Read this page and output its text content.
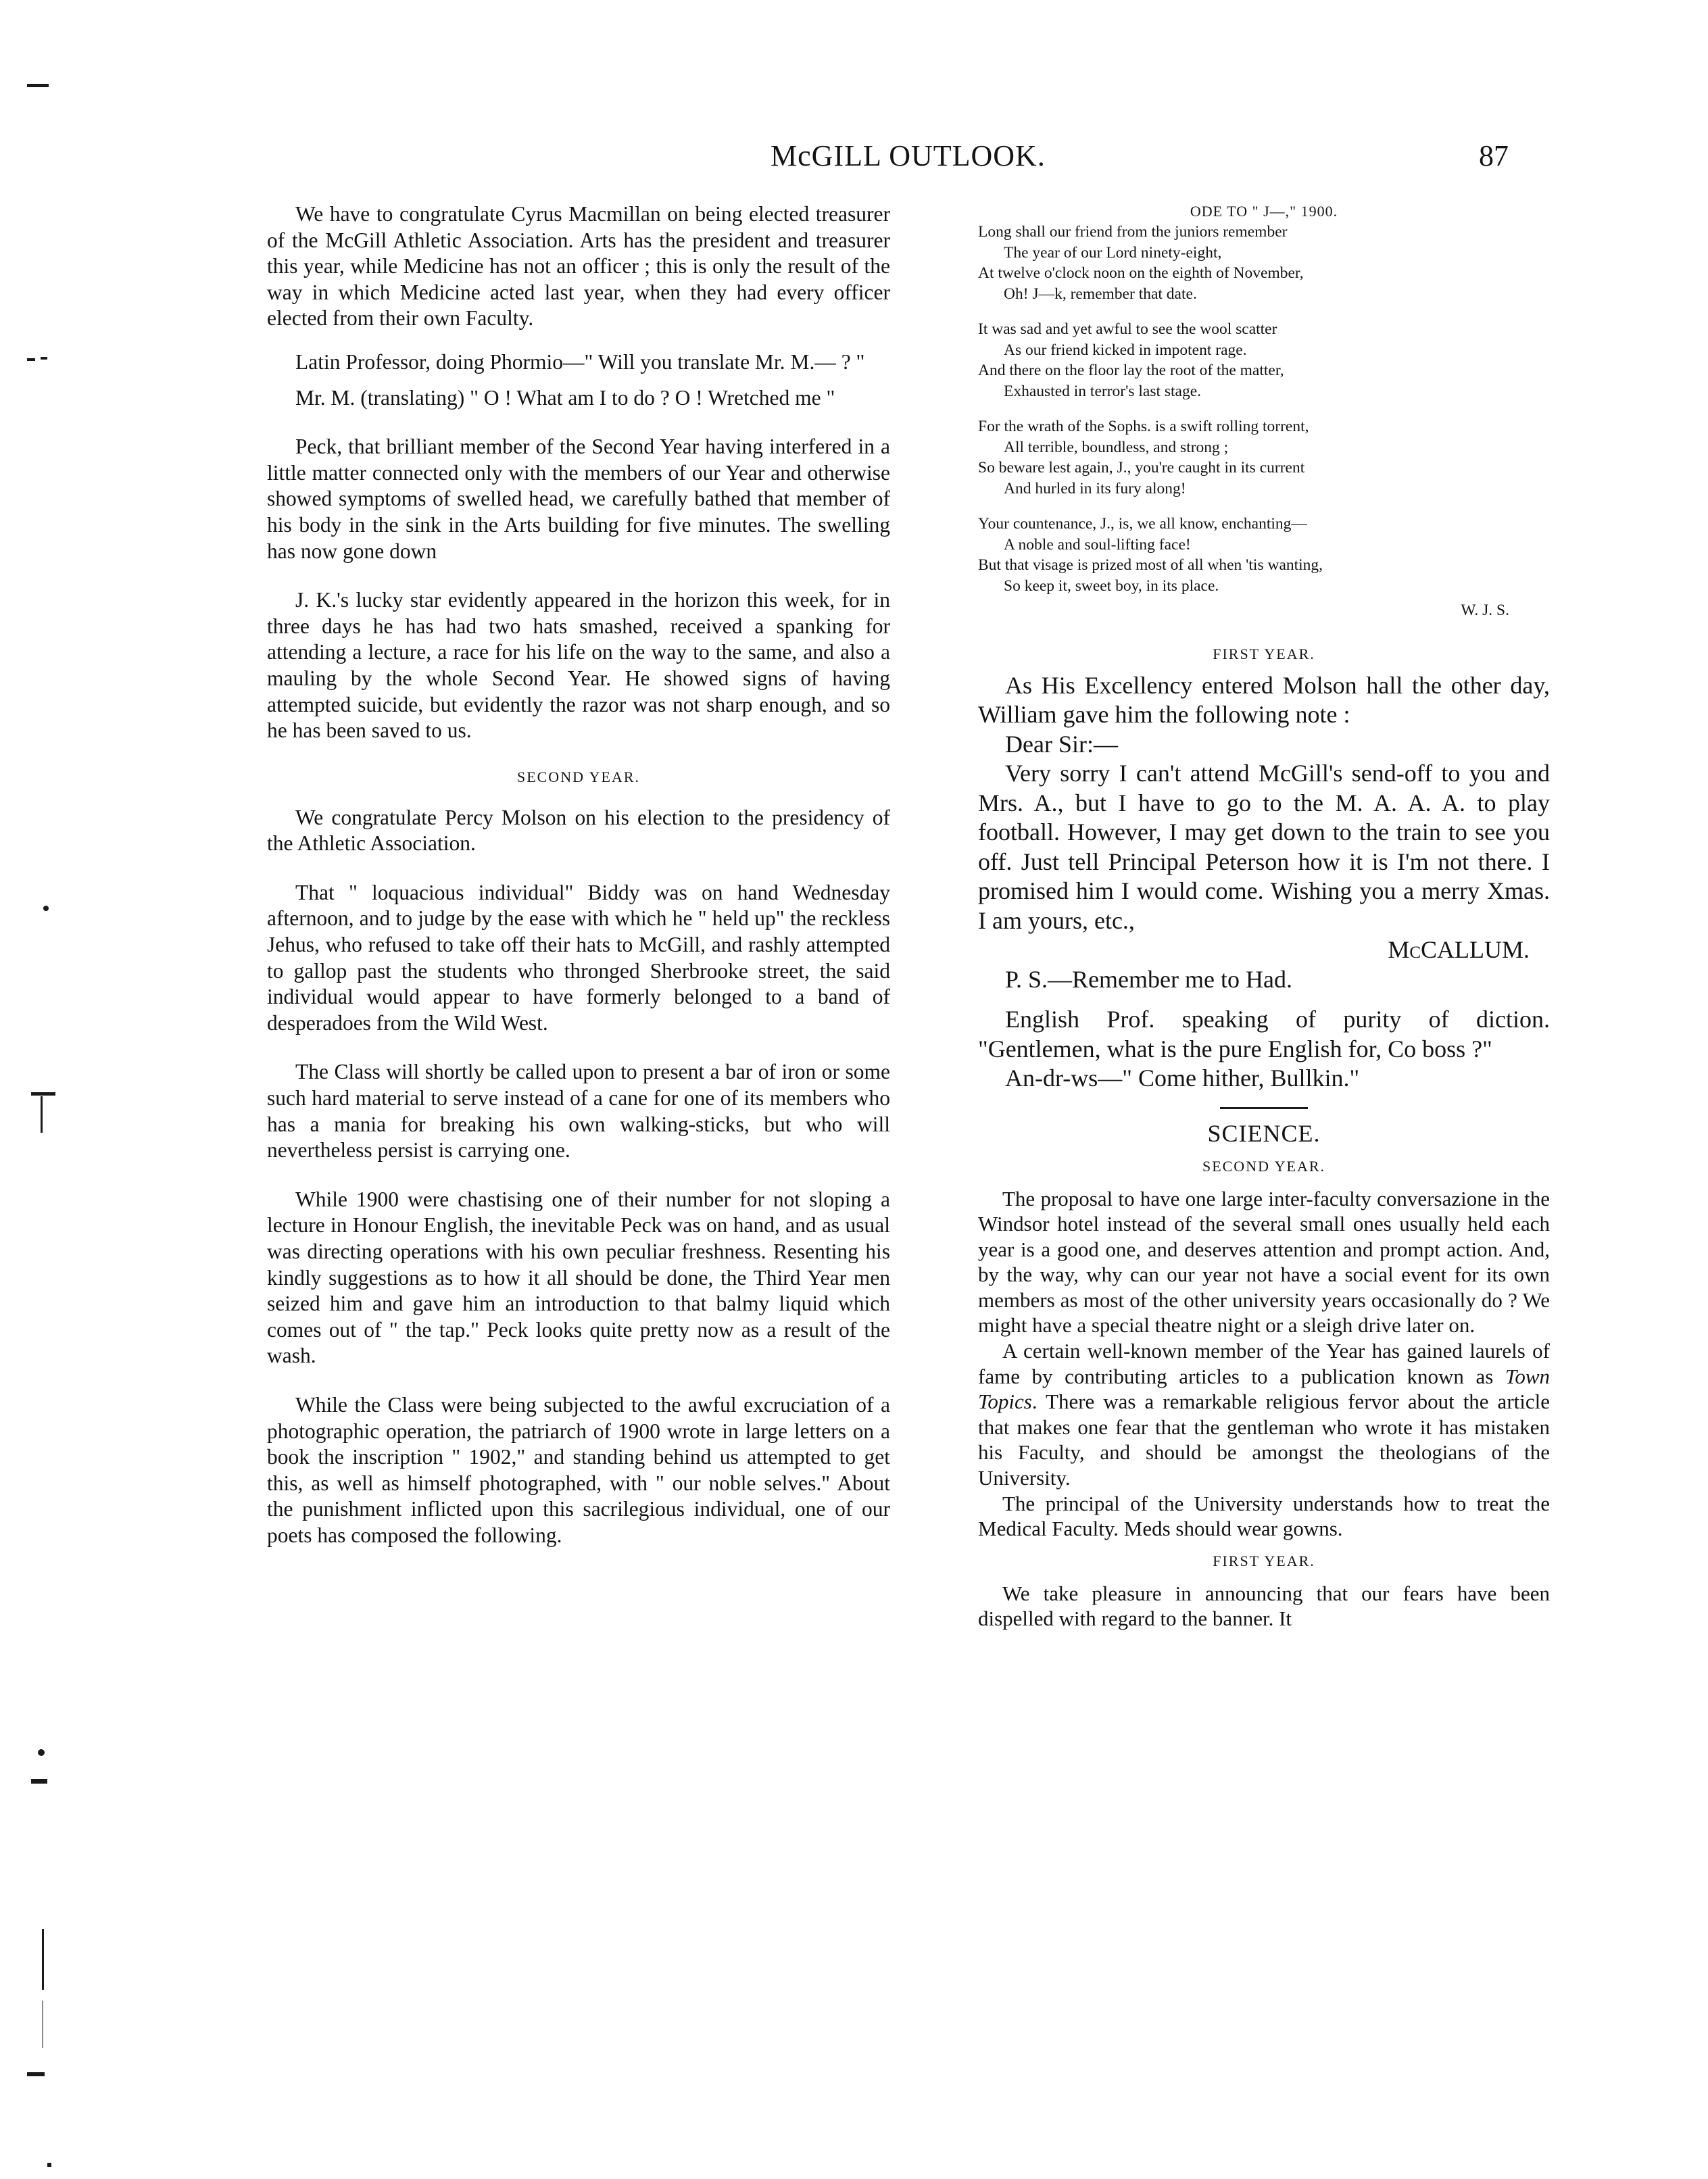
McGILL OUTLOOK.	87

We have to congratulate Cyrus Macmillan on being elected treasurer of the McGill Athletic Association. Arts has the president and treasurer this year, while Medicine has not an officer ; this is only the result of the way in which Medicine acted last year, when they had every officer elected from their own Faculty.

Latin Professor, doing Phormio—" Will you translate Mr. M.— ? "

Mr. M. (translating) " O ! What am I to do ? O ! Wretched me "

Peck, that brilliant member of the Second Year having interfered in a little matter connected only with the members of our Year and otherwise showed symptoms of swelled head, we carefully bathed that member of his body in the sink in the Arts building for five minutes. The swelling has now gone down

J. K.'s lucky star evidently appeared in the horizon this week, for in three days he has had two hats smashed, received a spanking for attending a lecture, a race for his life on the way to the same, and also a mauling by the whole Second Year. He showed signs of having attempted suicide, but evidently the razor was not sharp enough, and so he has been saved to us.

SECOND YEAR.

We congratulate Percy Molson on his election to the presidency of the Athletic Association.

That " loquacious individual" Biddy was on hand Wednesday afternoon, and to judge by the ease with which he " held up" the reckless Jehus, who refused to take off their hats to McGill, and rashly attempted to gallop past the students who thronged Sherbrooke street, the said individual would appear to have formerly belonged to a band of desperadoes from the Wild West.

The Class will shortly be called upon to present a bar of iron or some such hard material to serve instead of a cane for one of its members who has a mania for breaking his own walking-sticks, but who will nevertheless persist is carrying one.

While 1900 were chastising one of their number for not sloping a lecture in Honour English, the inevitable Peck was on hand, and as usual was directing operations with his own peculiar freshness. Resenting his kindly suggestions as to how it all should be done, the Third Year men seized him and gave him an introduction to that balmy liquid which comes out of " the tap." Peck looks quite pretty now as a result of the wash.

While the Class were being subjected to the awful excruciation of a photographic operation, the patriarch of 1900 wrote in large letters on a book the inscription " 1902," and standing behind us attempted to get this, as well as himself photographed, with " our noble selves." About the punishment inflicted upon this sacrilegious individual, one of our poets has composed the following.

ODE TO " J—," 1900.

Long shall our friend from the juniors remember
The year of our Lord ninety-eight,
At twelve o'clock noon on the eighth of November,
Oh! J—k, remember that date.
It was sad and yet awful to see the wool scatter
As our friend kicked in impotent rage.
And there on the floor lay the root of the matter,
Exhausted in terror's last stage.
For the wrath of the Sophs. is a swift rolling torrent,
All terrible, boundless, and strong ;
So beware lest again, J., you're caught in its current
And hurled in its fury along!
Your countenance, J., is, we all know, enchanting—
A noble and soul-lifting face!
But that visage is prized most of all when 'tis wanting,
So keep it, sweet boy, in its place.
W. J. S.

FIRST YEAR.

As His Excellency entered Molson hall the other day, William gave him the following note :

Dear Sir:—

Very sorry I can't attend McGill's send-off to you and Mrs. A., but I have to go to the M. A. A. A. to play football. However, I may get down to the train to see you off. Just tell Principal Peterson how it is I'm not there. I promised him I would come. Wishing you a merry Xmas. I am yours, etc.,

McCALLUM.

P. S.—Remember me to Had.

English Prof. speaking of purity of diction. "Gentlemen, what is the pure English for, Co boss ?"

An-dr-ws—" Come hither, Bullkin."

SCIENCE.

SECOND YEAR.

The proposal to have one large inter-faculty conversazione in the Windsor hotel instead of the several small ones usually held each year is a good one, and deserves attention and prompt action. And, by the way, why can our year not have a social event for its own members as most of the other university years occasionally do ? We might have a special theatre night or a sleigh drive later on.

A certain well-known member of the Year has gained laurels of fame by contributing articles to a publication known as Town Topics. There was a remarkable religious fervor about the article that makes one fear that the gentleman who wrote it has mistaken his Faculty, and should be amongst the theologians of the University.

The principal of the University understands how to treat the Medical Faculty. Meds should wear gowns.

FIRST YEAR.

We take pleasure in announcing that our fears have been dispelled with regard to the banner. It
